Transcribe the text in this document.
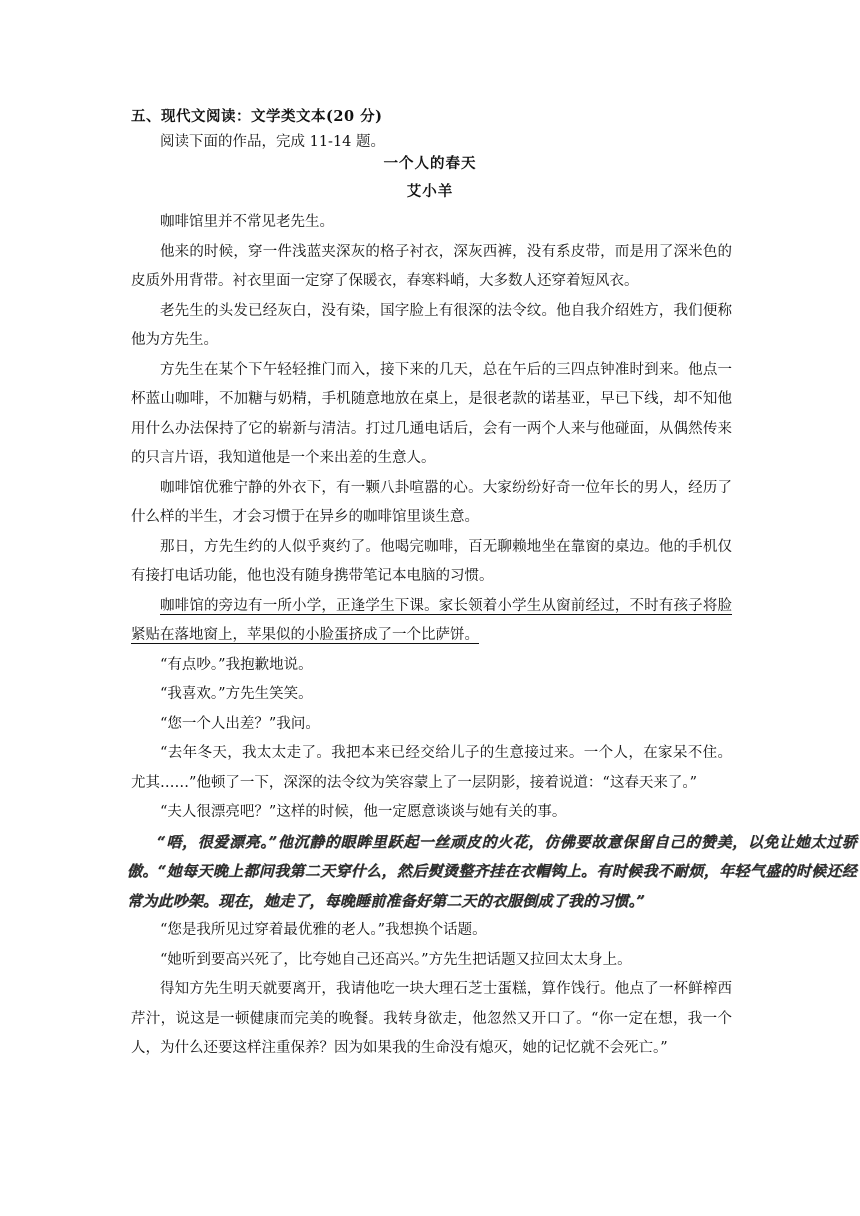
五、现代文阅读：文学类文本(20 分)
阅读下面的作品，完成 11-14 题。
一个人的春天
艾小羊

咖啡馆里并不常见老先生。

他来的时候，穿一件浅蓝夹深灰的格子衬衣，深灰西裤，没有系皮带，而是用了深米色的皮质外用背带。衬衣里面一定穿了保暖衣，春寒料峭，大多数人还穿着短风衣。

老先生的头发已经灰白，没有染，国字脸上有很深的法令纹。他自我介绍姓方，我们便称他为方先生。

方先生在某个下午轻轻推门而入，接下来的几天，总在午后的三四点钟准时到来。他点一杯蓝山咖啡，不加糖与奶精，手机随意地放在桌上，是很老款的诺基亚，早已下线，却不知他用什么办法保持了它的崭新与清洁。打过几通电话后，会有一两个人来与他碰面，从偶然传来的只言片语，我知道他是一个来出差的生意人。

咖啡馆优雅宁静的外衣下，有一颗八卦喧嚣的心。大家纷纷好奇一位年长的男人，经历了什么样的半生，才会习惯于在异乡的咖啡馆里谈生意。

那日，方先生约的人似乎爽约了。他喝完咖啡，百无聊赖地坐在靠窗的桌边。他的手机仅有接打电话功能，他也没有随身携带笔记本电脑的习惯。

咖啡馆的旁边有一所小学，正逢学生下课。家长领着小学生从窗前经过，不时有孩子将脸紧贴在落地窗上，苹果似的小脸蛋挤成了一个比萨饼。

“有点吵。”我抱歉地说。

“我喜欢。”方先生笑笑。

“您一个人出差？”我问。

“去年冬天，我太太走了。我把本来已经交给儿子的生意接过来。一个人，在家呆不住。尤其……”他顿了一下，深深的法令纹为笑容蒙上了一层阴影，接着说道：“这春天来了。”

“夫人很漂亮吧？”这样的时候，他一定愿意谈谈与她有关的事。

“唔，很爱漂亮。”他沉静的眼眸里跃起一丝顽皮的火花，仿佛要故意保留自己的赞美，以免让她太过骄傲。“她每天晚上都问我第二天穿什么，然后熨烫整齐挂在衣帽钩上。有时候我不耐烦，年轻气盛的时候还经常为此吵架。现在，她走了，每晚睡前准备好第二天的衣服倒成了我的习惯。”

“您是我所见过穿着最优雅的老人。”我想换个话题。

“她听到要高兴死了，比夸她自己还高兴。”方先生把话题又拉回太太身上。

得知方先生明天就要离开，我请他吃一块大理石芝士蛋糕，算作饯行。他点了一杯鲜榨西芹汁，说这是一顿健康而完美的晚餐。我转身欲走，他忽然又开口了。“你一定在想，我一个人，为什么还要这样注重保养？因为如果我的生命没有熄灭，她的记忆就不会死亡。”
